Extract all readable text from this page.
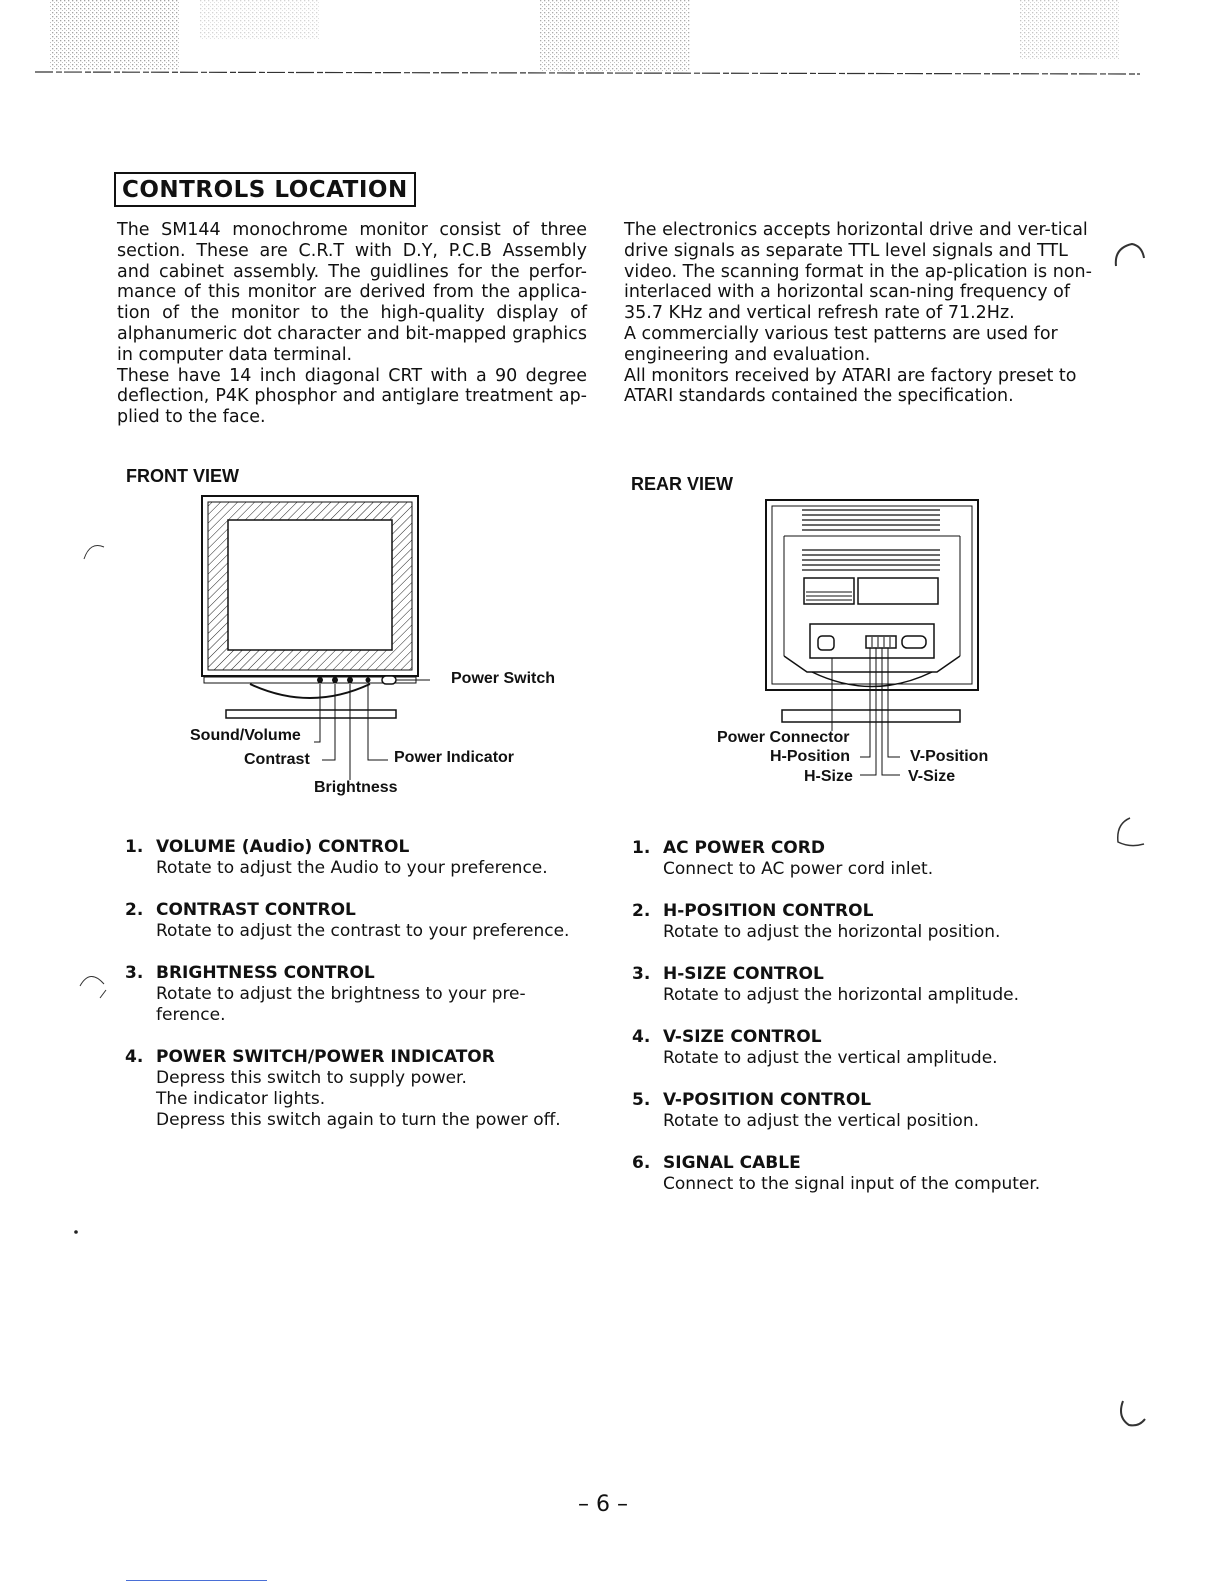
CONTROLS LOCATION

The SM144 monochrome monitor consist of three section. These are C.R.T with D.Y, P.C.B Assembly and cabinet assembly. The guidlines for the perfor-mance of this monitor are derived from the applica-tion of the monitor to the high-quality display of alphanumeric dot character and bit-mapped graphics in computer data terminal.

These have 14 inch diagonal CRT with a 90 degree deflection, P4K phosphor and antiglare treatment ap-plied to the face.

The electronics accepts horizontal drive and ver-tical drive signals as separate TTL level signals and TTL video. The scanning format in the ap-plication is non-interlaced with a horizontal scan-ning frequency of 35.7 KHz and vertical refresh rate of 71.2Hz.

A commercially various test patterns are used for engineering and evaluation.

All monitors received by ATARI are factory preset to ATARI standards contained the specification.

FRONT VIEW
Power Switch
Sound/Volume
Contrast	Power Indicator
Brightness
REAR VIEW
Power Connector
H-Position
H-Size
V-Position
V-Size
1. VOLUME (Audio) CONTROL
Rotate to adjust the Audio to your preference.
2. CONTRAST CONTROL
Rotate to adjust the contrast to your preference.
3. BRIGHTNESS CONTROL
Rotate to adjust the brightness to your pre-ference.
4. POWER SWITCH/POWER INDICATOR
Depress this switch to supply power.
The indicator lights.
Depress this switch again to turn the power off.
1. AC POWER CORD
Connect to AC power cord inlet.
2. H-POSITION CONTROL
Rotate to adjust the horizontal position.
3. H-SIZE CONTROL
Rotate to adjust the horizontal amplitude.
4. V-SIZE CONTROL
Rotate to adjust the vertical amplitude.
5. V-POSITION CONTROL
Rotate to adjust the vertical position.
6. SIGNAL CABLE
Connect to the signal input of the computer.
– 6 –
